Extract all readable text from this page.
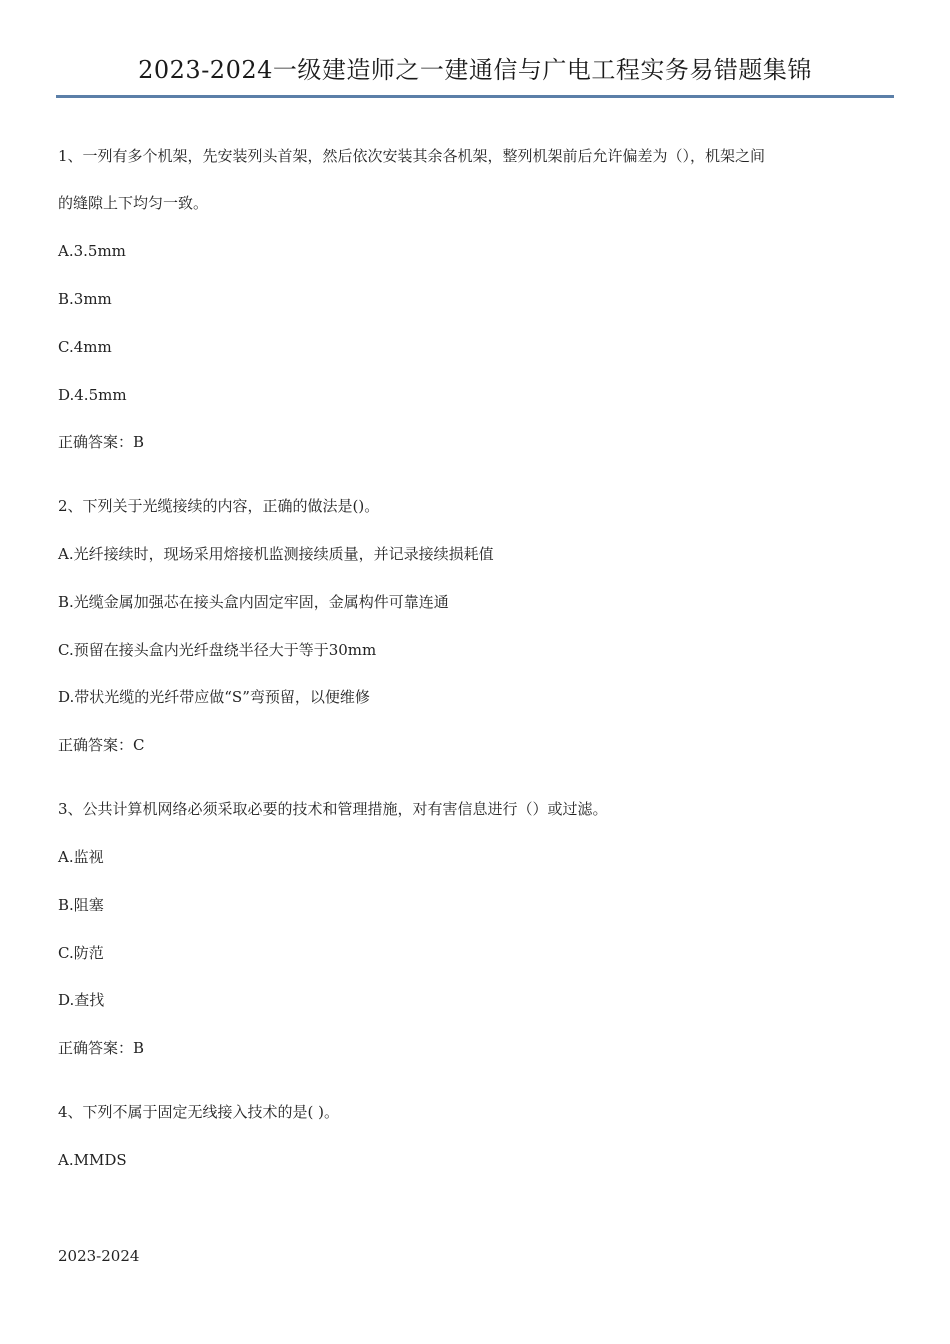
2023-2024一级建造师之一建通信与广电工程实务易错题集锦
1、一列有多个机架，先安装列头首架，然后依次安装其余各机架，整列机架前后允许偏差为（），机架之间
的缝隙上下均匀一致。
A.3.5mm
B.3mm
C.4mm
D.4.5mm
正确答案：B
2、下列关于光缆接续的内容，正确的做法是()。
A.光纤接续时，现场采用熔接机监测接续质量，并记录接续损耗值
B.光缆金属加强芯在接头盒内固定牢固，金属构件可靠连通
C.预留在接头盒内光纤盘绕半径大于等于30mm
D.带状光缆的光纤带应做“S”弯预留，以便维修
正确答案：C
3、公共计算机网络必须采取必要的技术和管理措施，对有害信息进行（）或过滤。
A.监视
B.阻塞
C.防范
D.查找
正确答案：B
4、下列不属于固定无线接入技术的是( )。
A.MMDS
2023-2024
